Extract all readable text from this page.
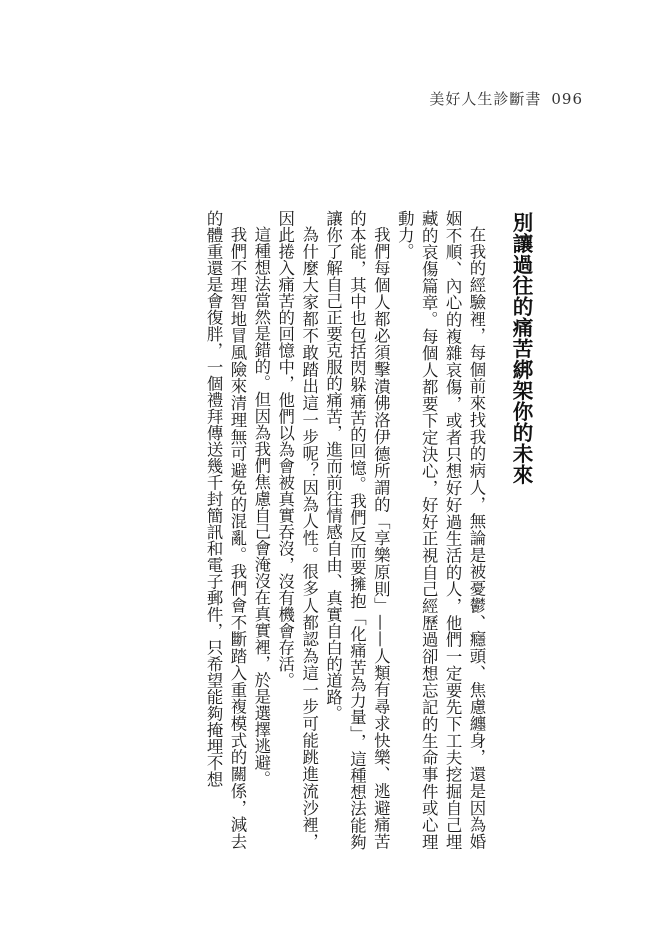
美好人生診斷書 096
別讓過往的痛苦綁架你的未來

在我的經驗裡，每個前來找我的病人，無論是被憂鬱、癮頭、焦慮纏身，還是因為婚姻不順、內心的複雜哀傷，或者只想好好過生活的人，他們一定要先下工夫挖掘自己埋藏的哀傷篇章。每個人都要下定決心，好好正視自己經歷過卻想忘記的生命事件或心理動力。

我們每個人都必須擊潰佛洛伊德所謂的「享樂原則」——人類有尋求快樂、逃避痛苦的本能，其中也包括閃躲痛苦的回憶。我們反而要擁抱「化痛苦為力量」，這種想法能夠讓你了解自己正要克服的痛苦，進而前往情感自由、真實自白的道路。

為什麼大家都不敢踏出這一步呢？因為人性。很多人都認為這一步可能跳進流沙裡，因此捲入痛苦的回憶中，他們以為會被真實吞沒，沒有機會存活。

這種想法當然是錯的。但因為我們焦慮自己會淹沒在真實裡，於是選擇逃避。

我們不理智地冒風險來清理無可避免的混亂。我們會不斷踏入重複模式的關係，減去的體重還是會復胖，一個禮拜傳送幾千封簡訊和電子郵件，只希望能夠掩埋不想
